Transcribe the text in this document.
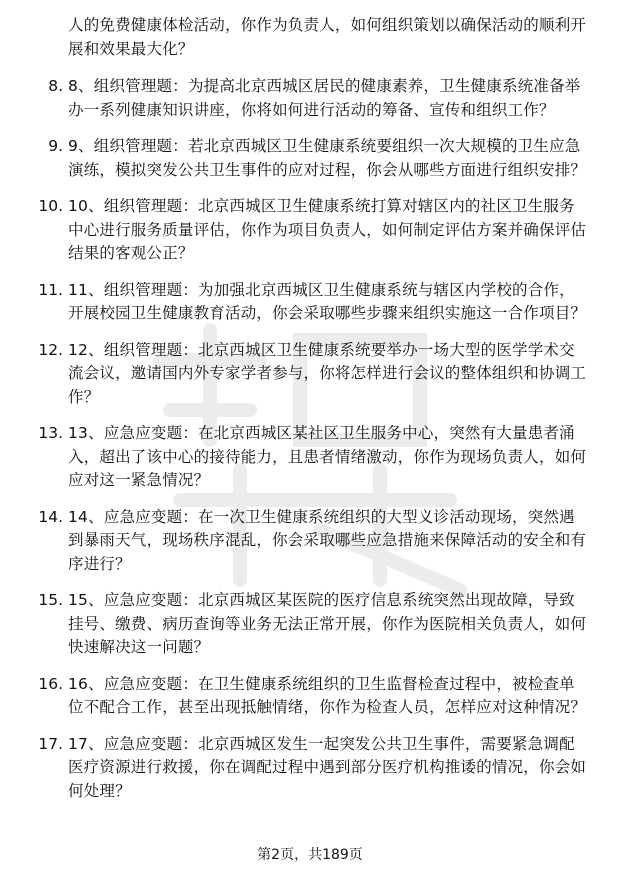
人的免费健康体检活动，你作为负责人，如何组织策划以确保活动的顺利开展和效果最大化？
8. 8、组织管理题：为提高北京西城区居民的健康素养，卫生健康系统准备举办一系列健康知识讲座，你将如何进行活动的筹备、宣传和组织工作？
9. 9、组织管理题：若北京西城区卫生健康系统要组织一次大规模的卫生应急演练，模拟突发公共卫生事件的应对过程，你会从哪些方面进行组织安排？
10. 10、组织管理题：北京西城区卫生健康系统打算对辖区内的社区卫生服务中心进行服务质量评估，你作为项目负责人，如何制定评估方案并确保评估结果的客观公正？
11. 11、组织管理题：为加强北京西城区卫生健康系统与辖区内学校的合作，开展校园卫生健康教育活动，你会采取哪些步骤来组织实施这一合作项目？
12. 12、组织管理题：北京西城区卫生健康系统要举办一场大型的医学学术交流会议，邀请国内外专家学者参与，你将怎样进行会议的整体组织和协调工作？
13. 13、应急应变题：在北京西城区某社区卫生服务中心，突然有大量患者涌入，超出了该中心的接待能力，且患者情绪激动，你作为现场负责人，如何应对这一紧急情况？
14. 14、应急应变题：在一次卫生健康系统组织的大型义诊活动现场，突然遇到暴雨天气，现场秩序混乱，你会采取哪些应急措施来保障活动的安全和有序进行？
15. 15、应急应变题：北京西城区某医院的医疗信息系统突然出现故障，导致挂号、缴费、病历查询等业务无法正常开展，你作为医院相关负责人，如何快速解决这一问题？
16. 16、应急应变题：在卫生健康系统组织的卫生监督检查过程中，被检查单位不配合工作，甚至出现抵触情绪，你作为检查人员，怎样应对这种情况？
17. 17、应急应变题：北京西城区发生一起突发公共卫生事件，需要紧急调配医疗资源进行救援，你在调配过程中遇到部分医疗机构推诿的情况，你会如何处理？
第2页，共189页
